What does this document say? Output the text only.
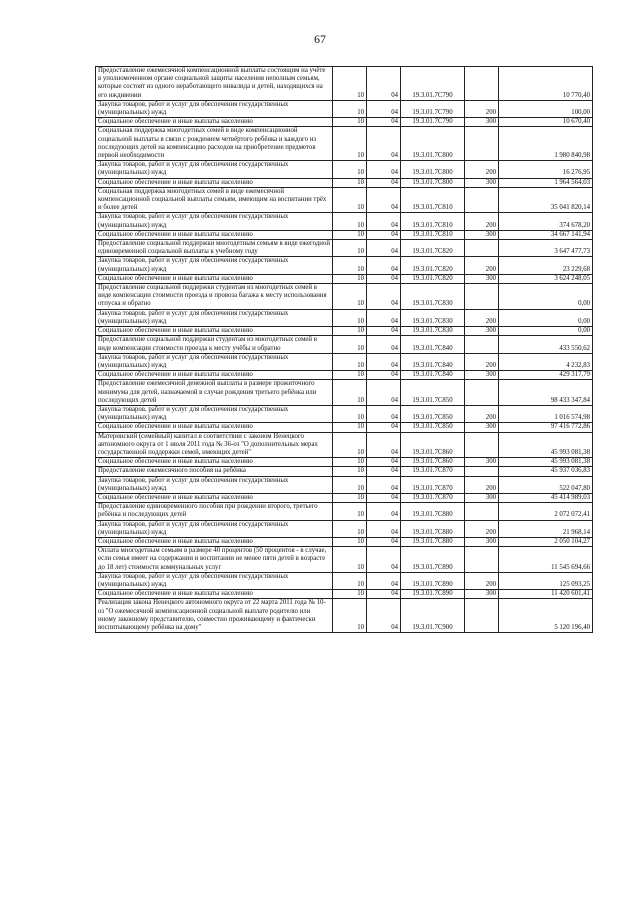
67
Предоставление ежемесячной компенсационной выплаты состоящим на учёте в уполномоченном органе социальной защиты населения неполным семьям, которые состоят из одного неработающего инвалида и детей, находящихся на его иждивении	10	04	19.3.01.7С790		10 770,40
Закупка товаров, работ и услуг для обеспечения государственных (муниципальных) нужд	10	04	19.3.01.7С790	200	100,00
Социальное обеспечение и иные выплаты населению	10	04	19.3.01.7С790	300	10 670,40
Социальная поддержка многодетных семей в виде компенсационной социальной выплаты в связи с рождением четвёртого ребёнка и каждого из последующих детей на компенсацию расходов на приобретение предметов первой необходимости	10	04	19.3.01.7С800		1 980 840,98
Закупка товаров, работ и услуг для обеспечения государственных (муниципальных) нужд	10	04	19.3.01.7С800	200	16 276,95
Социальное обеспечение и иные выплаты населению	10	04	19.3.01.7С800	300	1 964 564,03
Социальная поддержка многодетных семей в виде ежемесячной компенсационной социальной выплаты семьям, имеющим на воспитании трёх и более детей	10	04	19.3.01.7С810		35 041 820,14
Закупка товаров, работ и услуг для обеспечения государственных (муниципальных) нужд	10	04	19.3.01.7С810	200	374 678,20
Социальное обеспечение и иные выплаты населению	10	04	19.3.01.7С810	300	34 667 141,94
Предоставление социальной поддержки многодетным семьям в виде ежегодной единовременной социальной выплаты к учебному году	10	04	19.3.01.7С820		3 647 477,73
Закупка товаров, работ и услуг для обеспечения государственных (муниципальных) нужд	10	04	19.3.01.7С820	200	23 229,68
Социальное обеспечение и иные выплаты населению	10	04	19.3.01.7С820	300	3 624 248,05
Предоставление социальной поддержки студентам из многодетных семей в виде компенсации стоимости проезда и провоза багажа к месту использования отпуска и обратно	10	04	19.3.01.7С830		0,00
Закупка товаров, работ и услуг для обеспечения государственных (муниципальных) нужд	10	04	19.3.01.7С830	200	0,00
Социальное обеспечение и иные выплаты населению	10	04	19.3.01.7С830	300	0,00
Предоставление социальной поддержки студентам из многодетных семей в виде компенсации стоимости проезда к месту учёбы и обратно	10	04	19.3.01.7С840		433 550,62
Закупка товаров, работ и услуг для обеспечения государственных (муниципальных) нужд	10	04	19.3.01.7С840	200	4 232,83
Социальное обеспечение и иные выплаты населению	10	04	19.3.01.7С840	300	429 317,79
Предоставление ежемесячной денежной выплаты в размере прожиточного минимума для детей, назначаемой в случае рождения третьего ребёнка или последующих детей	10	04	19.3.01.7С850		98 433 347,84
Закупка товаров, работ и услуг для обеспечения государственных (муниципальных) нужд	10	04	19.3.01.7С850	200	1 016 574,98
Социальное обеспечение и иные выплаты населению	10	04	19.3.01.7С850	300	97 416 772,86
Материнский (семейный) капитал в соответствии с законом Ненецкого автономного округа от 1 июля 2011 года № 36-оз "О дополнительных мерах государственной поддержки семей, имеющих детей"	10	04	19.3.01.7С860		45 993 081,38
Социальное обеспечение и иные выплаты населению	10	04	19.3.01.7С860	300	45 993 081,38
Предоставление ежемесячного пособия на ребёнка	10	04	19.3.01.7С870		45 937 036,83
Закупка товаров, работ и услуг для обеспечения государственных (муниципальных) нужд	10	04	19.3.01.7С870	200	522 047,80
Социальное обеспечение и иные выплаты населению	10	04	19.3.01.7С870	300	45 414 989,03
Предоставление единовременного пособия при рождении второго, третьего ребёнка и последующих детей	10	04	19.3.01.7С880		2 072 072,41
Закупка товаров, работ и услуг для обеспечения государственных (муниципальных) нужд	10	04	19.3.01.7С880	200	21 968,14
Социальное обеспечение и иные выплаты населению	10	04	19.3.01.7С880	300	2 050 104,27
Оплата многодетным семьям в размере 40 процентов (50 процентов - в случае, если семья имеет на содержании и воспитании не менее пяти детей в возрасте до 18 лет) стоимости коммунальных услуг	10	04	19.3.01.7С890		11 545 694,66
Закупка товаров, работ и услуг для обеспечения государственных (муниципальных) нужд	10	04	19.3.01.7С890	200	125 093,25
Социальное обеспечение и иные выплаты населению	10	04	19.3.01.7С890	300	11 420 601,41
Реализация закона Ненецкого автономного округа от 22 марта 2011 года № 10-оз "О ежемесячной компенсационной социальной выплате родителю или иному законному представителю, совместно проживающему и фактически воспитывающему ребёнка на дому"	10	04	19.3.01.7С900		5 120 196,40
